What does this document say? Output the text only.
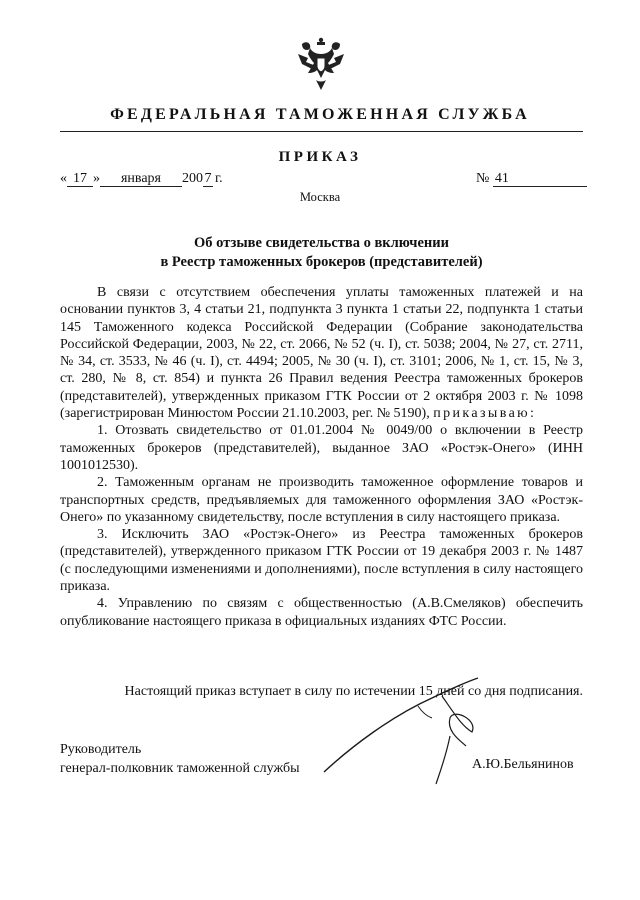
ФЕДЕРАЛЬНАЯ ТАМОЖЕННАЯ СЛУЖБА
ПРИКАЗ
« 17 » января 200 7 г.	№ 41
Москва
Об отзыве свидетельства о включении
в Реестр таможенных брокеров (представителей)

В связи с отсутствием обеспечения уплаты таможенных платежей и на основании пунктов 3, 4 статьи 21, подпункта 3 пункта 1 статьи 22, подпункта 1 статьи 145 Таможенного кодекса Российской Федерации (Собрание законодательства Российской Федерации, 2003, № 22, ст. 2066, № 52 (ч. I), ст. 5038; 2004, № 27, ст. 2711, № 34, ст. 3533, № 46 (ч. I), ст. 4494; 2005, № 30 (ч. I), ст. 3101; 2006, № 1, ст. 15, № 3, ст. 280, № 8, ст. 854) и пункта 26 Правил ведения Реестра таможенных брокеров (представителей), утвержденных приказом ГТК России от 2 октября 2003 г. № 1098 (зарегистрирован Минюстом России 21.10.2003, рег. № 5190), приказываю:

1. Отозвать свидетельство от 01.01.2004 № 0049/00 о включении в Реестр таможенных брокеров (представителей), выданное ЗАО «Ростэк-Онего» (ИНН 1001012530).

2. Таможенным органам не производить таможенное оформление товаров и транспортных средств, предъявляемых для таможенного оформления ЗАО «Ростэк-Онего» по указанному свидетельству, после вступления в силу настоящего приказа.

3. Исключить ЗАО «Ростэк-Онего» из Реестра таможенных брокеров (представителей), утвержденного приказом ГТК России от 19 декабря 2003 г. № 1487 (с последующими изменениями и дополнениями), после вступления в силу настоящего приказа.

4. Управлению по связям с общественностью (А.В.Смеляков) обеспечить опубликование настоящего приказа в официальных изданиях ФТС России.

Настоящий приказ вступает в силу по истечении 15 дней со дня подписания.
Руководитель
генерал-полковник таможенной службы	А.Ю.Бельянинов
